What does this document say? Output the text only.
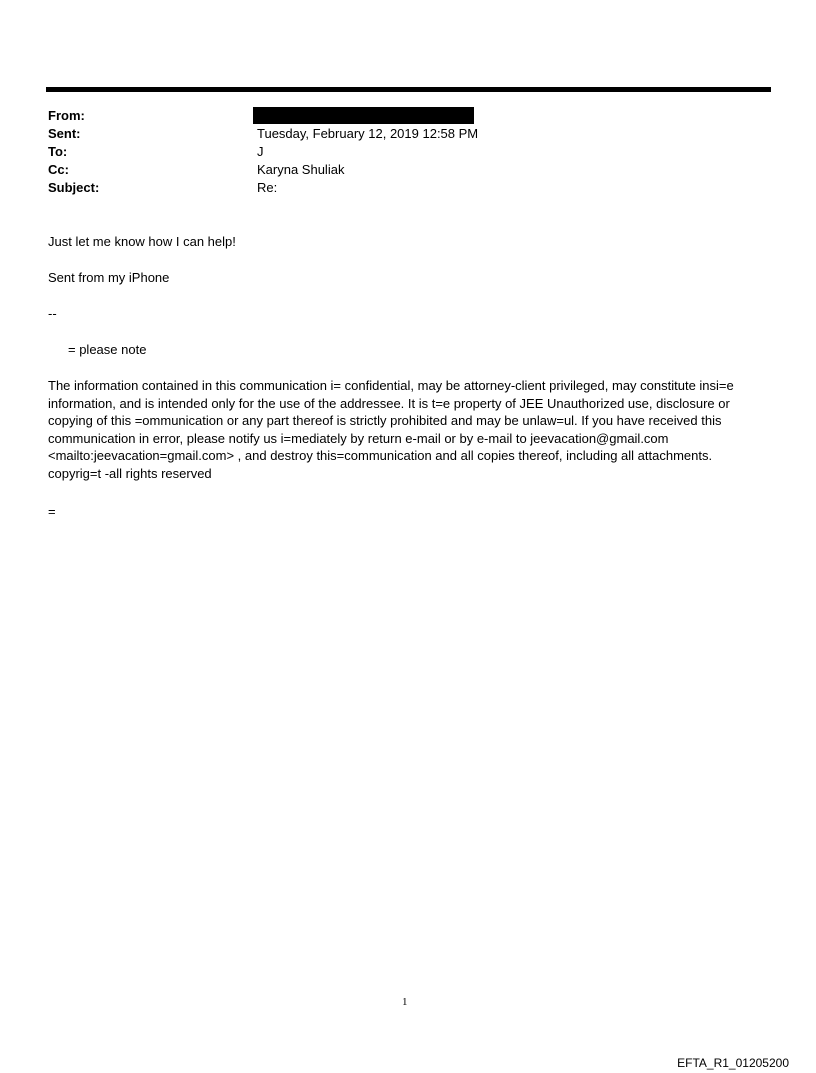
From:
Sent:	Tuesday, February 12, 2019 12:58 PM
To:	J
Cc:	Karyna Shuliak
Subject:	Re:
Just let me know how I can help!
Sent from my iPhone
--
= please note
The information contained in this communication i= confidential, may be attorney-client privileged, may constitute insi=e information, and is intended only for the use of the addressee. It is t=e property of JEE Unauthorized use, disclosure or copying of this =ommunication or any part thereof is strictly prohibited and may be unlaw=ul. If you have received this communication in error, please notify us i=mediately by return e-mail or by e-mail to jeevacation@gmail.com <mailto:jeevacation=gmail.com> , and destroy this=communication and all copies thereof, including all attachments. copyrig=t -all rights reserved
=
1
EFTA_R1_01205200
